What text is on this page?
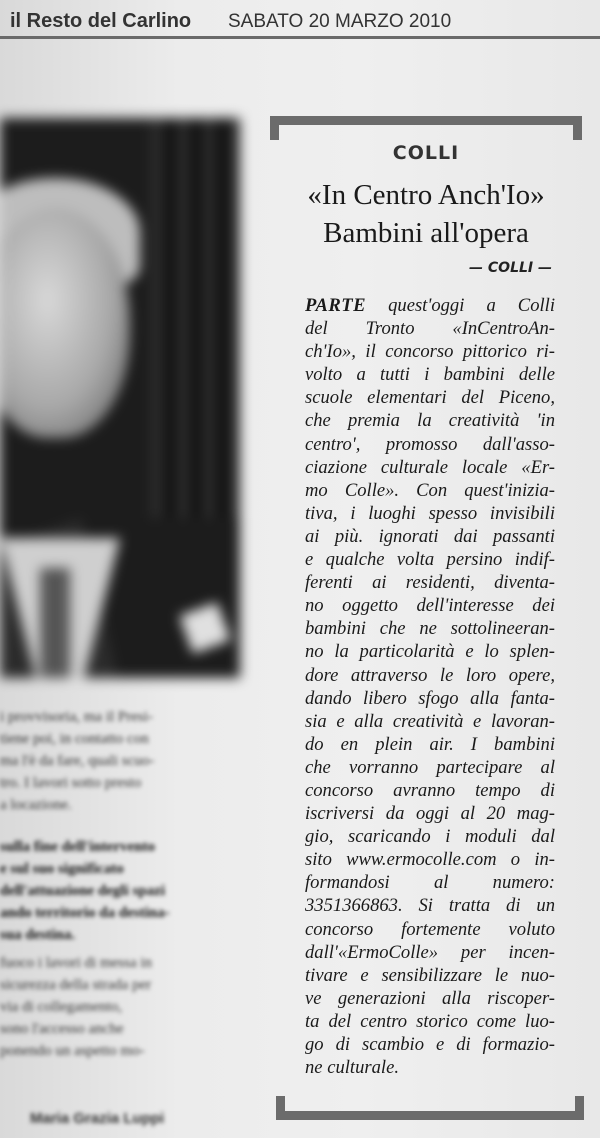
il Resto del Carlino SABATO 20 MARZO 2010
i provvisoria, ma il Presi-
tiene poi, in contatto con
ma l'è da fare, quali scuo-
tro. I lavori sotto presto
a locazione.
sulla fine dell'intervento
e sul suo significato
dell'attuazione degli spazi
ando territorio da destina-
sua destina.
fuoco i lavori di messa in
sicurezza della strada per
via di collegamento,
sono l'accesso anche
ponendo un aspetto mo-
Maria Grazia Luppi
COLLI
«In Centro Anch'Io»
Bambini all'opera
— COLLI —
PARTE quest'oggi a Colli
del Tronto «InCentroAn-
ch'Io», il concorso pittorico ri-
volto a tutti i bambini delle
scuole elementari del Piceno,
che premia la creatività 'in
centro', promosso dall'asso-
ciazione culturale locale «Er-
mo Colle». Con quest'inizia-
tiva, i luoghi spesso invisibili
ai più. ignorati dai passanti
e qualche volta persino indif-
ferenti ai residenti, diventa-
no oggetto dell'interesse dei
bambini che ne sottolineeran-
no la particolarità e lo splen-
dore attraverso le loro opere,
dando libero sfogo alla fanta-
sia e alla creatività e lavoran-
do en plein air. I bambini
che vorranno partecipare al
concorso avranno tempo di
iscriversi da oggi al 20 mag-
gio, scaricando i moduli dal
sito www.ermocolle.com o in-
formandosi al numero:
3351366863. Si tratta di un
concorso fortemente voluto
dall'«ErmoColle» per incen-
tivare e sensibilizzare le nuo-
ve generazioni alla riscoper-
ta del centro storico come luo-
go di scambio e di formazio-
ne culturale.
